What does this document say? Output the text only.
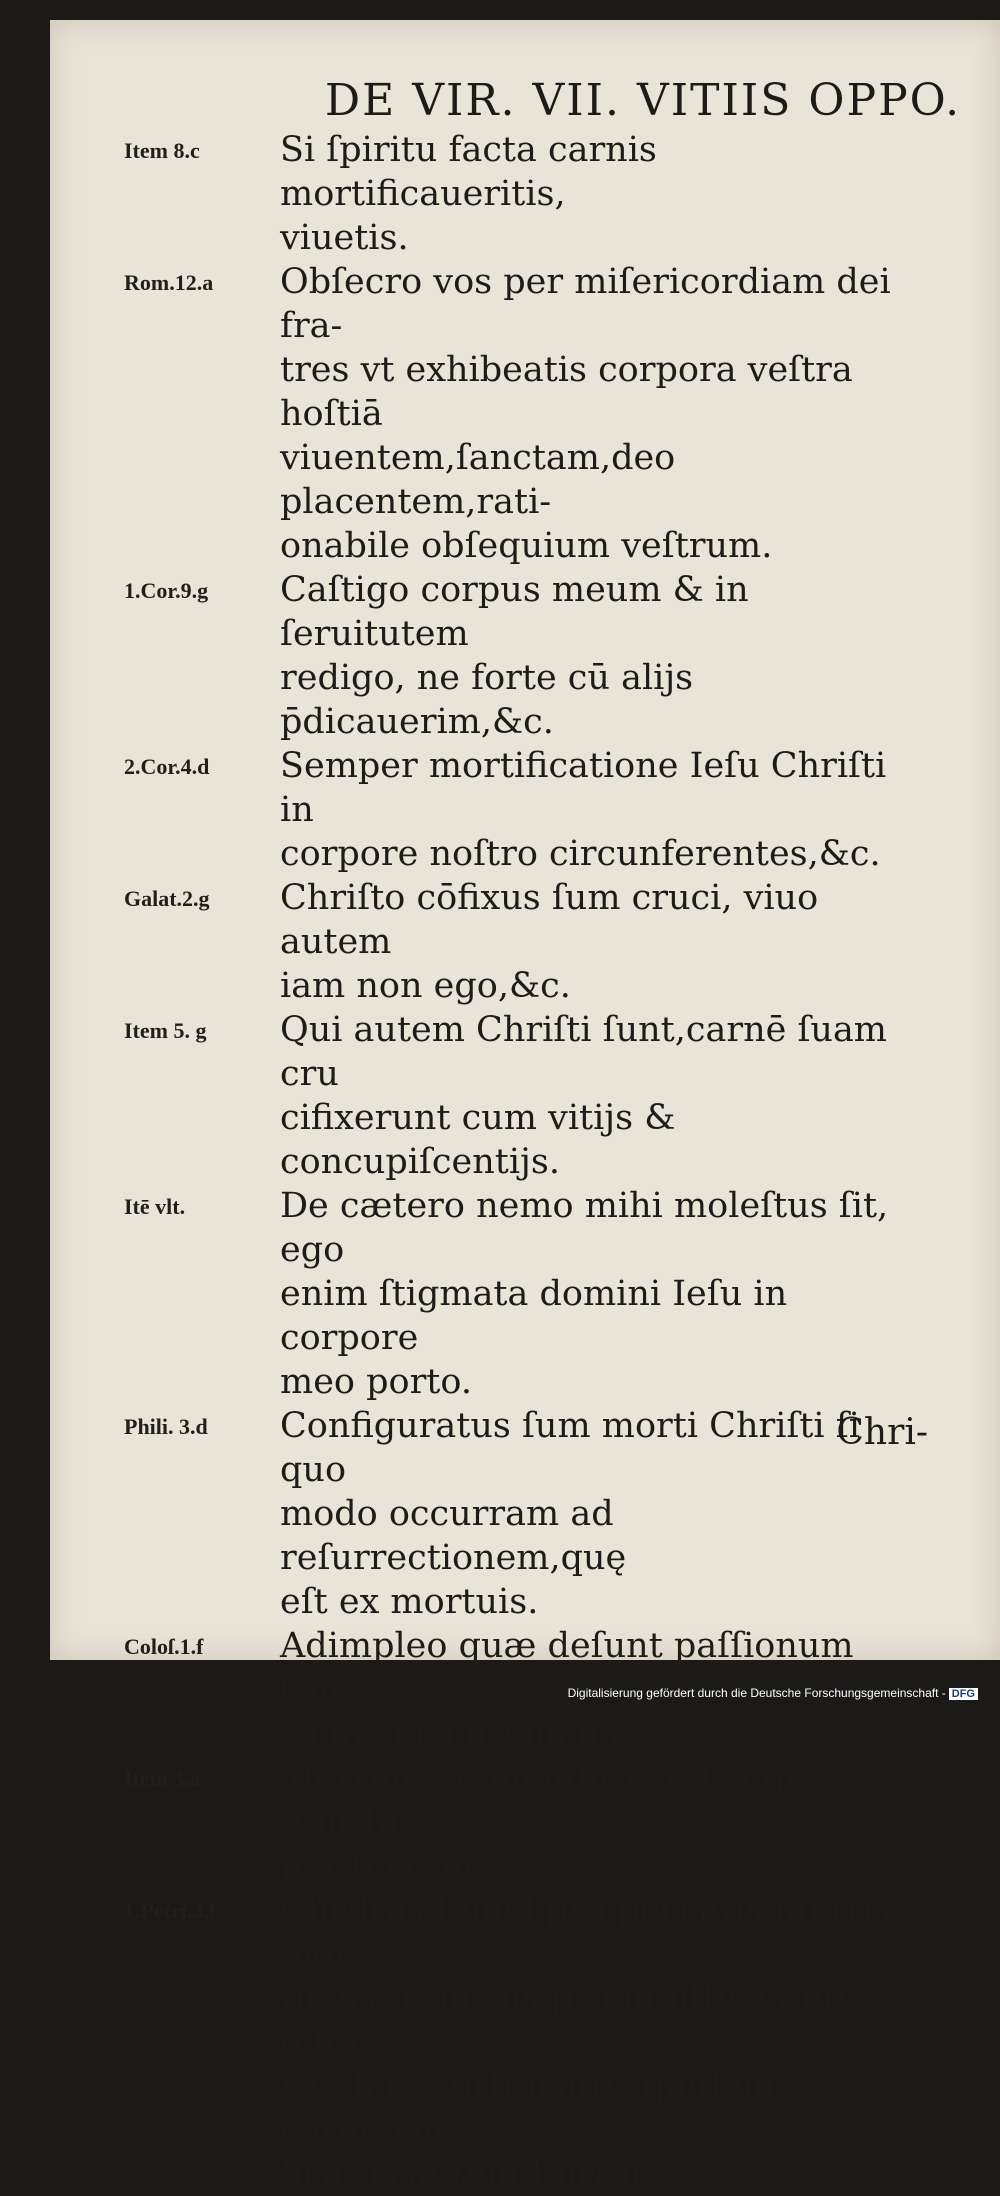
DE VIR. VII. VITIIS OPPO.
Item 8.c	Si ſpiritu facta carnis mortificaueritis,
viuetis.
Rom.12.a	Obſecro vos per miſericordiam dei fra-
tres vt exhibeatis corpora veſtra hoſtiā
viuentem,ſanctam,deo placentem,rati-
onabile obſequium veſtrum.
1.Cor.9.g	Caſtigo corpus meum & in ſeruitutem
redigo, ne forte cū alijs p̄dicauerim,&c.
2.Cor.4.d	Semper mortificatione Ieſu Chriſti in
corpore noſtro circunferentes,&c.
Galat.2.g	Chriſto cōfixus ſum cruci, viuo autem
iam non ego,&c.
Item 5. g	Qui autem Chriſti ſunt,carnē ſuam cru
cifixerunt cum vitijs & concupiſcentijs.
Itē vlt.	De cætero nemo mihi moleſtus ſit, ego
enim ſtigmata domini Ieſu in corpore
meo porto.
Phili. 3.d	Configuratus ſum morti Chriſti ſi quo
modo occurram ad reſurrectionem,quę
eſt ex mortuis.
Coloſ.1.f	Adimpleo quæ deſunt paſſionum Chri
ſti in corpore meo,&c.
Item 3.a	Mortificate membra veſtra quæ ſunt ſu
per terram.
1.Petri.3.f	Chriſtus ſemel pro peccatis noſtris mor
tuus eſt, iuſtus pro iniuſtis,vt nos offer-
ret deo,mortificatos quidem carne,viui
ficatos autem ſpiritu.
Chri-
Digitalisierung gefördert durch die Deutsche Forschungsgemeinschaft - DFG
